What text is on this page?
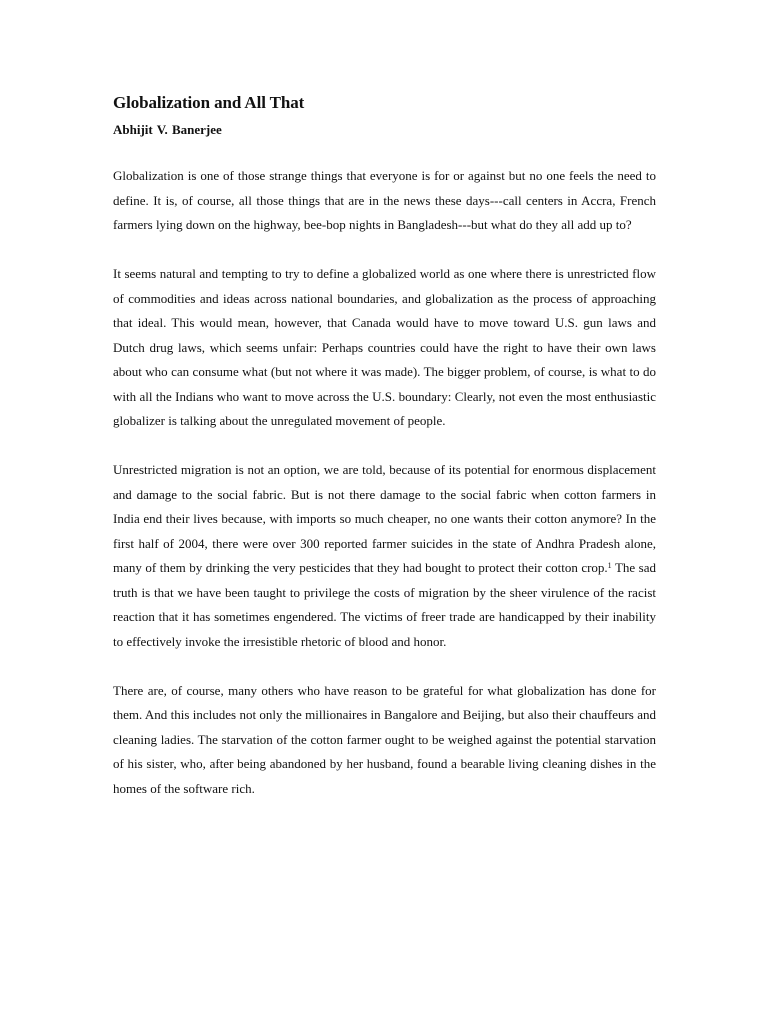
Globalization and All That
Abhijit V. Banerjee

Globalization is one of those strange things that everyone is for or against but no one feels the need to define. It is, of course, all those things that are in the news these days---call centers in Accra, French farmers lying down on the highway, bee-bop nights in Bangladesh---but what do they all add up to?

It seems natural and tempting to try to define a globalized world as one where there is unrestricted flow of commodities and ideas across national boundaries, and globalization as the process of approaching that ideal. This would mean, however, that Canada would have to move toward U.S. gun laws and Dutch drug laws, which seems unfair: Perhaps countries could have the right to have their own laws about who can consume what (but not where it was made). The bigger problem, of course, is what to do with all the Indians who want to move across the U.S. boundary: Clearly, not even the most enthusiastic globalizer is talking about the unregulated movement of people.

Unrestricted migration is not an option, we are told, because of its potential for enormous displacement and damage to the social fabric. But is not there damage to the social fabric when cotton farmers in India end their lives because, with imports so much cheaper, no one wants their cotton anymore? In the first half of 2004, there were over 300 reported farmer suicides in the state of Andhra Pradesh alone, many of them by drinking the very pesticides that they had bought to protect their cotton crop.$^1$ The sad truth is that we have been taught to privilege the costs of migration by the sheer virulence of the racist reaction that it has sometimes engendered. The victims of freer trade are handicapped by their inability to effectively invoke the irresistible rhetoric of blood and honor.

There are, of course, many others who have reason to be grateful for what globalization has done for them. And this includes not only the millionaires in Bangalore and Beijing, but also their chauffeurs and cleaning ladies. The starvation of the cotton farmer ought to be weighed against the potential starvation of his sister, who, after being abandoned by her husband, found a bearable living cleaning dishes in the homes of the software rich.
